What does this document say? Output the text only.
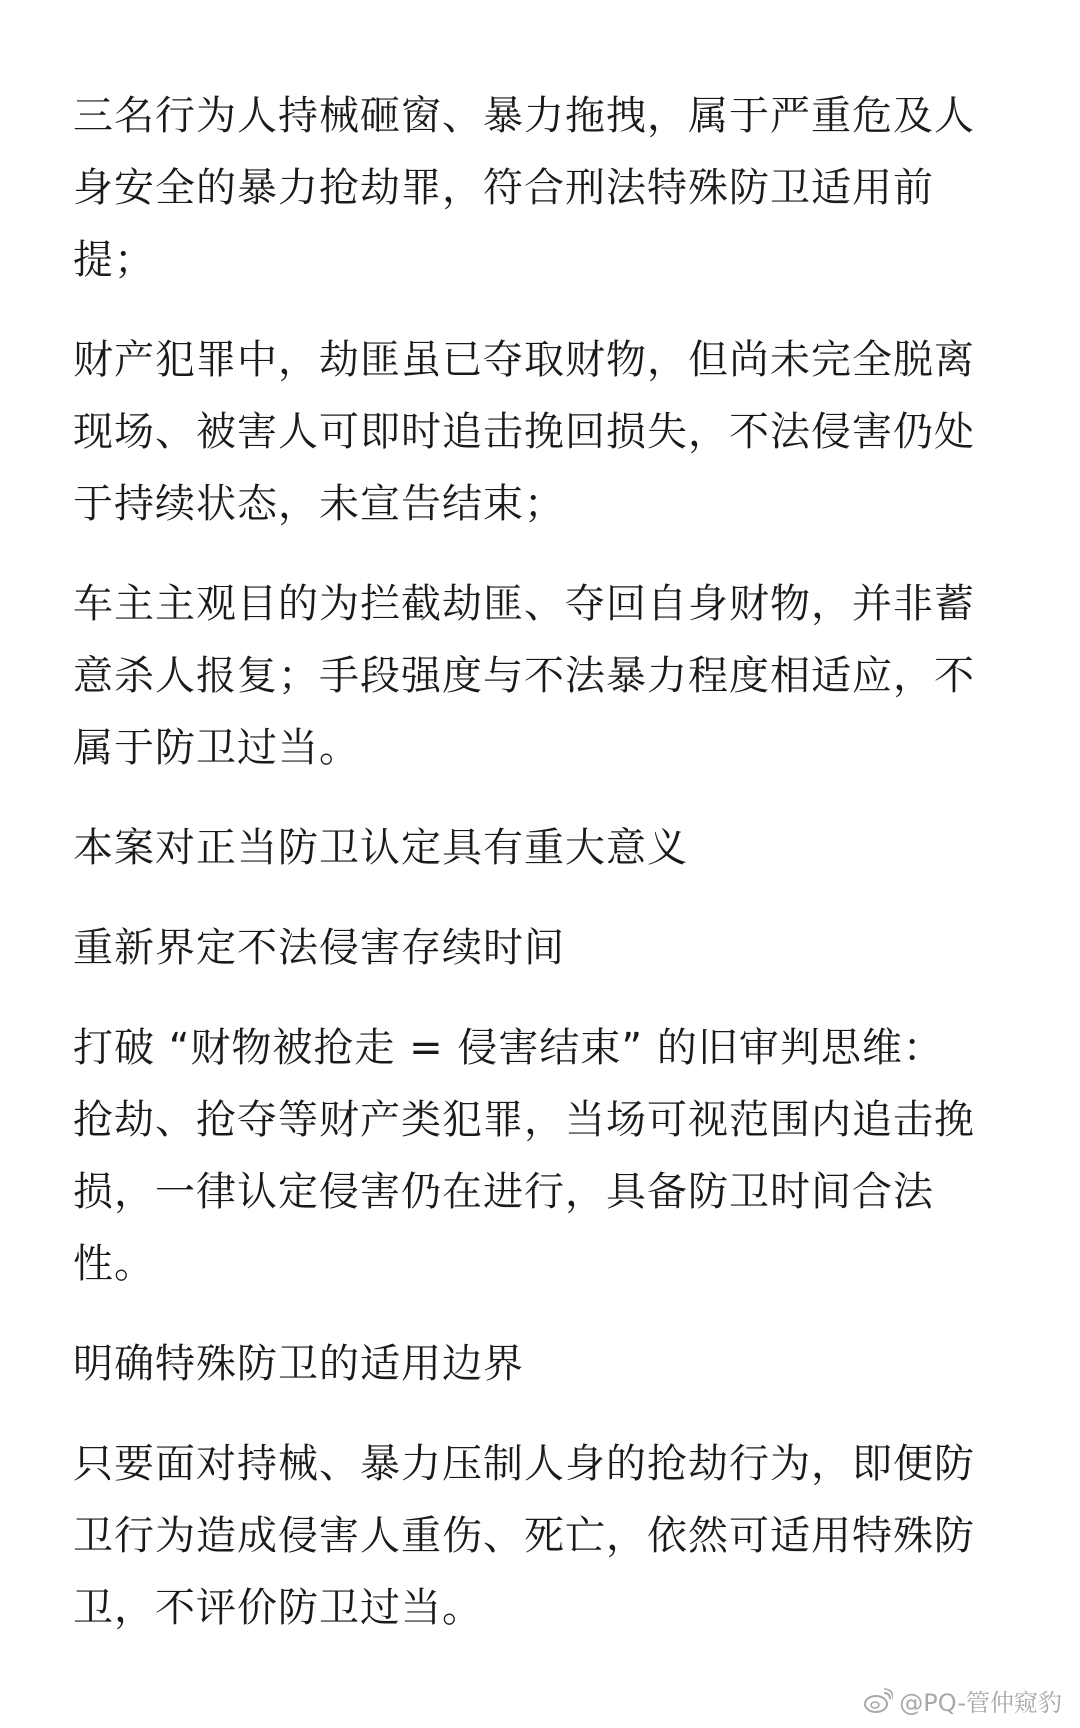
三名行为人持械砸窗、暴力拖拽，属于严重危及人
身安全的暴力抢劫罪，符合刑法特殊防卫适用前
提；
财产犯罪中，劫匪虽已夺取财物，但尚未完全脱离
现场、被害人可即时追击挽回损失，不法侵害仍处
于持续状态，未宣告结束；
车主主观目的为拦截劫匪、夺回自身财物，并非蓄
意杀人报复；手段强度与不法暴力程度相适应，不
属于防卫过当。
本案对正当防卫认定具有重大意义
重新界定不法侵害存续时间
打破 “财物被抢走 = 侵害结束” 的旧审判思维：
抢劫、抢夺等财产类犯罪，当场可视范围内追击挽
损，一律认定侵害仍在进行，具备防卫时间合法
性。
明确特殊防卫的适用边界
只要面对持械、暴力压制人身的抢劫行为，即便防
卫行为造成侵害人重伤、死亡，依然可适用特殊防
卫，不评价防卫过当。
@PQ-管仲窥豹
